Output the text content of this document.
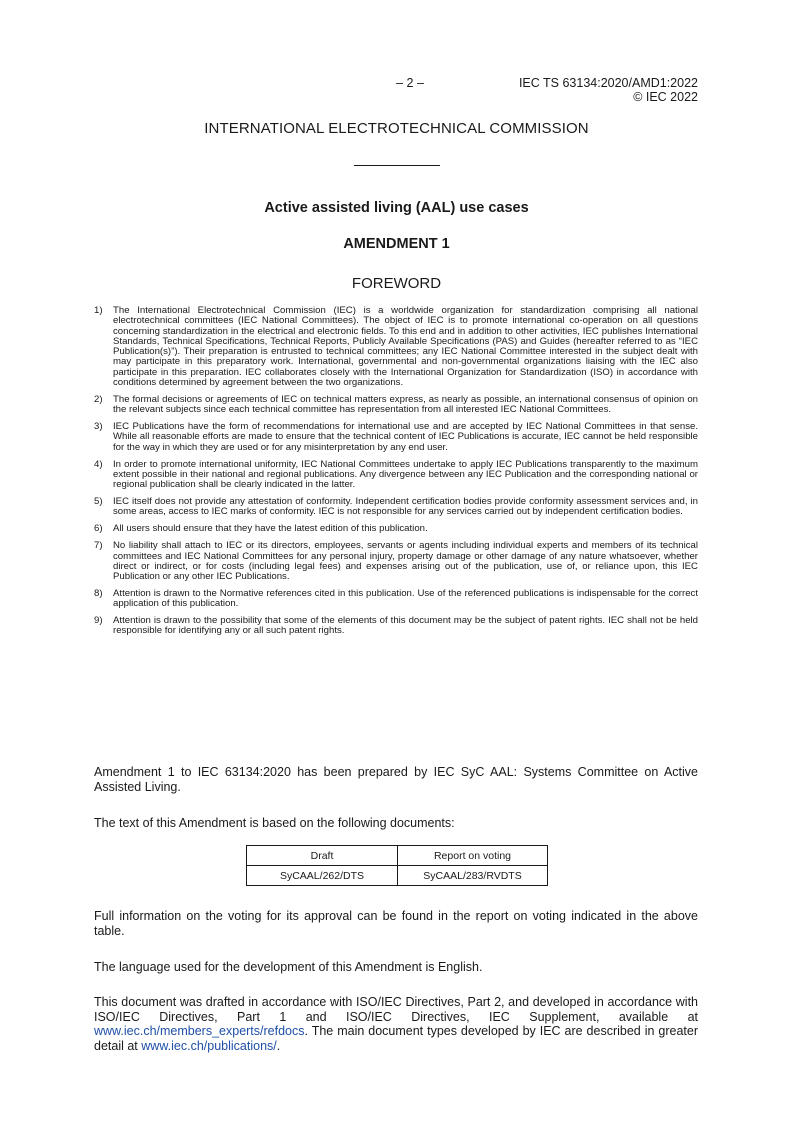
– 2 –	IEC TS 63134:2020/AMD1:2022
© IEC 2022
INTERNATIONAL ELECTROTECHNICAL COMMISSION
Active assisted living (AAL) use cases
AMENDMENT 1
FOREWORD
1) The International Electrotechnical Commission (IEC) is a worldwide organization for standardization comprising all national electrotechnical committees (IEC National Committees). The object of IEC is to promote international co-operation on all questions concerning standardization in the electrical and electronic fields. To this end and in addition to other activities, IEC publishes International Standards, Technical Specifications, Technical Reports, Publicly Available Specifications (PAS) and Guides (hereafter referred to as “IEC Publication(s)”). Their preparation is entrusted to technical committees; any IEC National Committee interested in the subject dealt with may participate in this preparatory work. International, governmental and non-governmental organizations liaising with the IEC also participate in this preparation. IEC collaborates closely with the International Organization for Standardization (ISO) in accordance with conditions determined by agreement between the two organizations.
2) The formal decisions or agreements of IEC on technical matters express, as nearly as possible, an international consensus of opinion on the relevant subjects since each technical committee has representation from all interested IEC National Committees.
3) IEC Publications have the form of recommendations for international use and are accepted by IEC National Committees in that sense. While all reasonable efforts are made to ensure that the technical content of IEC Publications is accurate, IEC cannot be held responsible for the way in which they are used or for any misinterpretation by any end user.
4) In order to promote international uniformity, IEC National Committees undertake to apply IEC Publications transparently to the maximum extent possible in their national and regional publications. Any divergence between any IEC Publication and the corresponding national or regional publication shall be clearly indicated in the latter.
5) IEC itself does not provide any attestation of conformity. Independent certification bodies provide conformity assessment services and, in some areas, access to IEC marks of conformity. IEC is not responsible for any services carried out by independent certification bodies.
6) All users should ensure that they have the latest edition of this publication.
7) No liability shall attach to IEC or its directors, employees, servants or agents including individual experts and members of its technical committees and IEC National Committees for any personal injury, property damage or other damage of any nature whatsoever, whether direct or indirect, or for costs (including legal fees) and expenses arising out of the publication, use of, or reliance upon, this IEC Publication or any other IEC Publications.
8) Attention is drawn to the Normative references cited in this publication. Use of the referenced publications is indispensable for the correct application of this publication.
9) Attention is drawn to the possibility that some of the elements of this document may be the subject of patent rights. IEC shall not be held responsible for identifying any or all such patent rights.

Amendment 1 to IEC 63134:2020 has been prepared by IEC SyC AAL: Systems Committee on Active Assisted Living.

The text of this Amendment is based on the following documents:

Draft	Report on voting
SyCAAL/262/DTS	SyCAAL/283/RVDTS

Full information on the voting for its approval can be found in the report on voting indicated in the above table.

The language used for the development of this Amendment is English.

This document was drafted in accordance with ISO/IEC Directives, Part 2, and developed in accordance with ISO/IEC Directives, Part 1 and ISO/IEC Directives, IEC Supplement, available at www.iec.ch/members_experts/refdocs. The main document types developed by IEC are described in greater detail at www.iec.ch/publications/.
